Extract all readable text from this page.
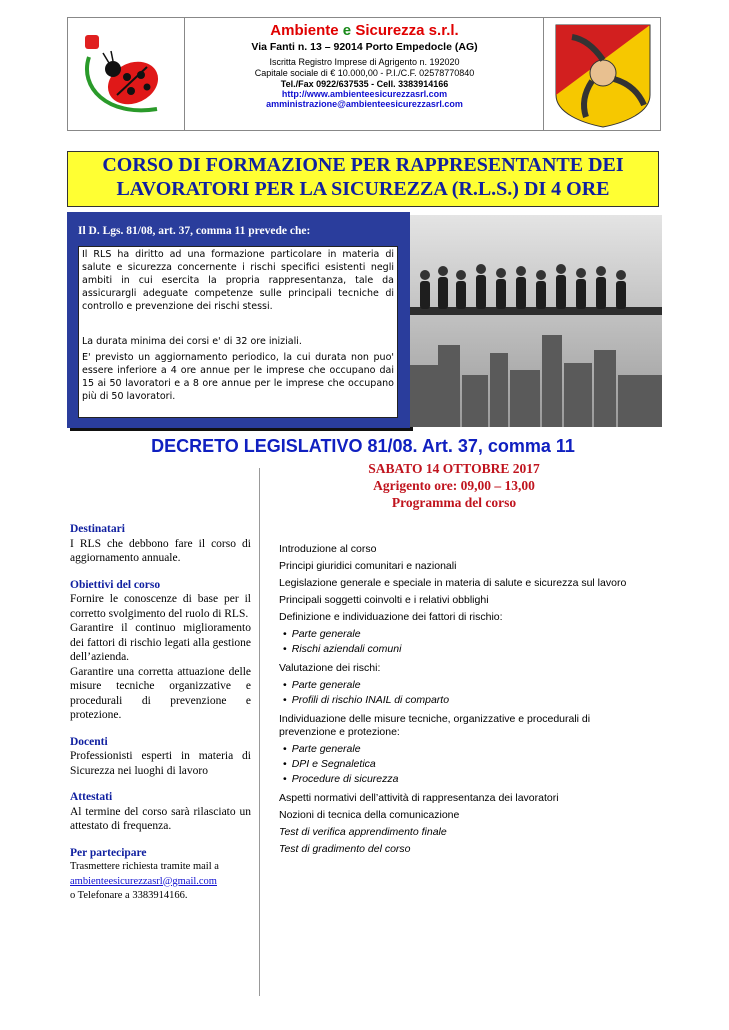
Ambiente e Sicurezza s.r.l.
Via Fanti n. 13 – 92014 Porto Empedocle (AG)
Iscritta Registro Imprese di Agrigento n. 192020
Capitale sociale di € 10.000,00 - P.I./C.F. 02578770840
Tel./Fax 0922/637535 - Cell. 3383914166
http://www.ambienteesicurezzasrl.com
amministrazione@ambienteesicurezzasrl.com
CORSO DI FORMAZIONE PER RAPPRESENTANTE DEI
LAVORATORI PER LA SICUREZZA (R.L.S.) DI 4 ORE
Il D. Lgs. 81/08, art. 37, comma 11 prevede che:
Il RLS ha diritto ad una formazione particolare in materia di salute e sicurezza concernente i rischi specifici esistenti negli ambiti in cui esercita la propria rappresentanza, tale da assicurargli adeguate competenze sulle principali tecniche di controllo e prevenzione dei rischi stessi.
La durata minima dei corsi e' di 32 ore iniziali.
E' previsto un aggiornamento periodico, la cui durata non puo' essere inferiore a 4 ore annue per le imprese che occupano dai 15 ai 50 lavoratori e a 8 ore annue per le imprese che occupano più di 50 lavoratori.
DECRETO LEGISLATIVO 81/08. Art. 37, comma 11
SABATO 14 OTTOBRE 2017
Agrigento ore: 09,00 – 13,00
Programma del corso
Destinatari
I RLS che debbono fare il corso di aggiornamento annuale.
Obiettivi del corso
Fornire le conoscenze di base per il corretto svolgimento del ruolo di RLS.
Garantire il continuo miglioramento dei fattori di rischio legati alla gestione dell’azienda.
Garantire una corretta attuazione delle misure tecniche organizzative e procedurali di prevenzione e protezione.
Docenti
Professionisti esperti in materia di Sicurezza nei luoghi di lavoro
Attestati
Al termine del corso sarà rilasciato un attestato di frequenza.
Per partecipare
Trasmettere richiesta tramite mail a
ambienteesicurezzasrl@gmail.com
o Telefonare a 3383914166.
Introduzione al corso
Principi giuridici comunitari e nazionali
Legislazione generale e speciale in materia di salute e sicurezza sul lavoro
Principali soggetti coinvolti e i relativi obblighi
Definizione e individuazione dei fattori di rischio:
• Parte generale
• Rischi aziendali comuni
Valutazione dei rischi:
• Parte generale
• Profili di rischio INAIL di comparto
Individuazione delle misure tecniche, organizzative e procedurali di prevenzione e protezione:
• Parte generale
• DPI e Segnaletica
• Procedure di sicurezza
Aspetti normativi dell’attività di rappresentanza dei lavoratori
Nozioni di tecnica della comunicazione
Test di verifica apprendimento finale
Test di gradimento del corso
